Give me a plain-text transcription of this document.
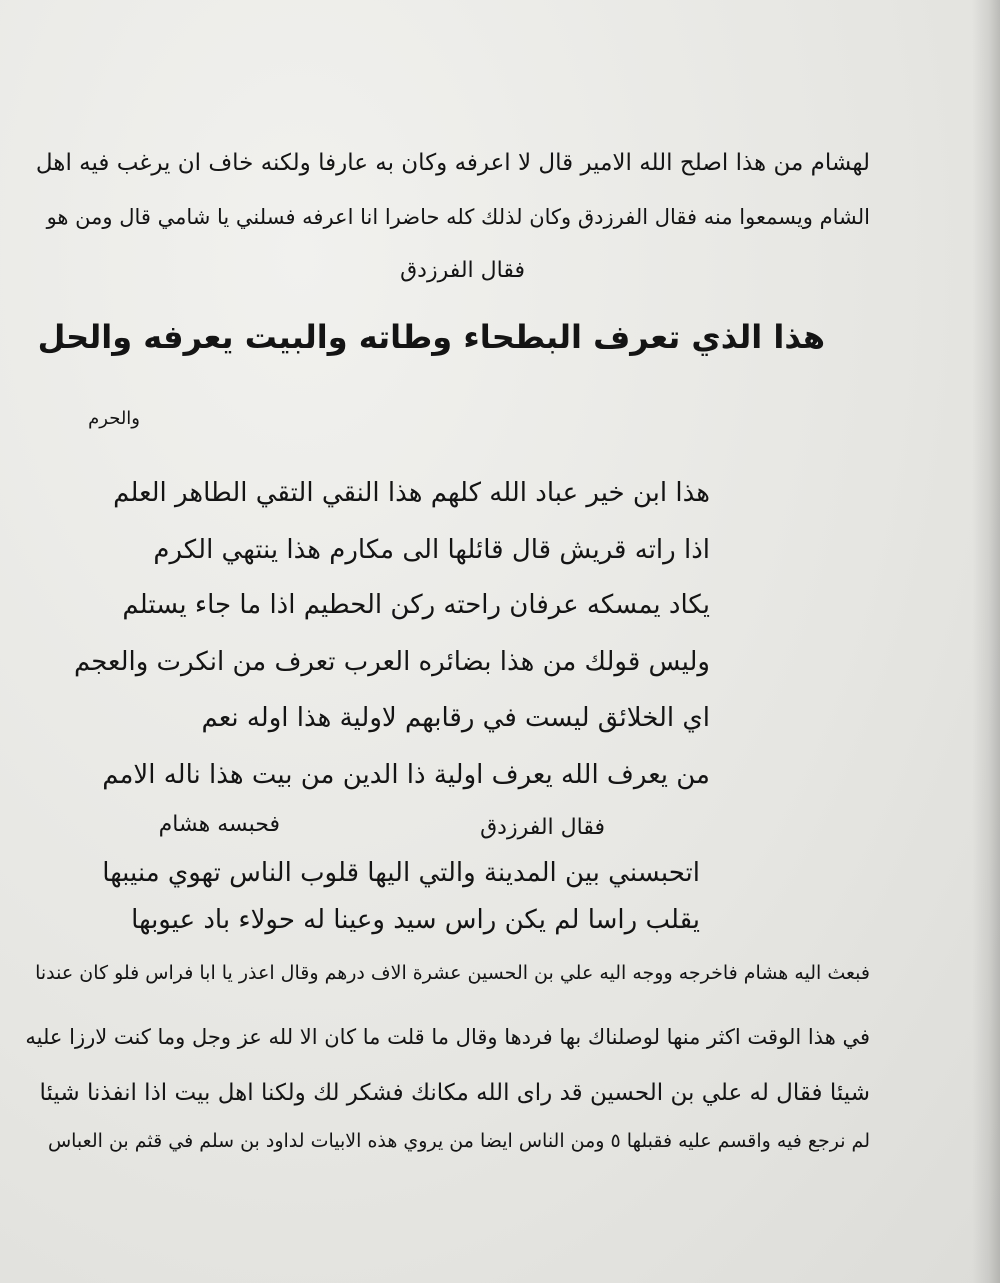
لهشام من هذا اصلح الله الامير قال لا اعرفه وكان به عارفا ولكنه خاف ان يرغب فيه اهل
الشام ويسمعوا منه فقال الفرزدق وكان لذلك كله حاضرا انا اعرفه فسلني يا شامي قال ومن هو
فقال الفرزدق
هذا الذي تعرف البطحاء وطاته والبيت يعرفه والحل
والحرم
هذا ابن خير عباد الله كلهم هذا النقي التقي الطاهر العلم
اذا راته قريش قال قائلها الى مكارم هذا ينتهي الكرم
يكاد يمسكه عرفان راحته ركن الحطيم اذا ما جاء يستلم
وليس قولك من هذا بضائره العرب تعرف من انكرت والعجم
اي الخلائق ليست في رقابهم لاولية هذا اوله نعم
من يعرف الله يعرف اولية ذا الدين من بيت هذا ناله الامم
فحبسه هشام	فقال الفرزدق
اتحبسني بين المدينة والتي اليها قلوب الناس تهوي منيبها
يقلب راسا لم يكن راس سيد وعينا له حولاء باد عيوبها
فبعث اليه هشام فاخرجه ووجه اليه علي بن الحسين عشرة الاف درهم وقال اعذر يا ابا فراس فلو كان عندنا
في هذا الوقت اكثر منها لوصلناك بها فردها وقال ما قلت ما كان الا لله عز وجل وما كنت لارزا عليه
شيئا فقال له علي بن الحسين قد راى الله مكانك فشكر لك ولكنا اهل بيت اذا انفذنا شيئا
لم نرجع فيه واقسم عليه فقبلها ٥ ومن الناس ايضا من يروي هذه الابيات لداود بن سلم في قثم بن العباس
